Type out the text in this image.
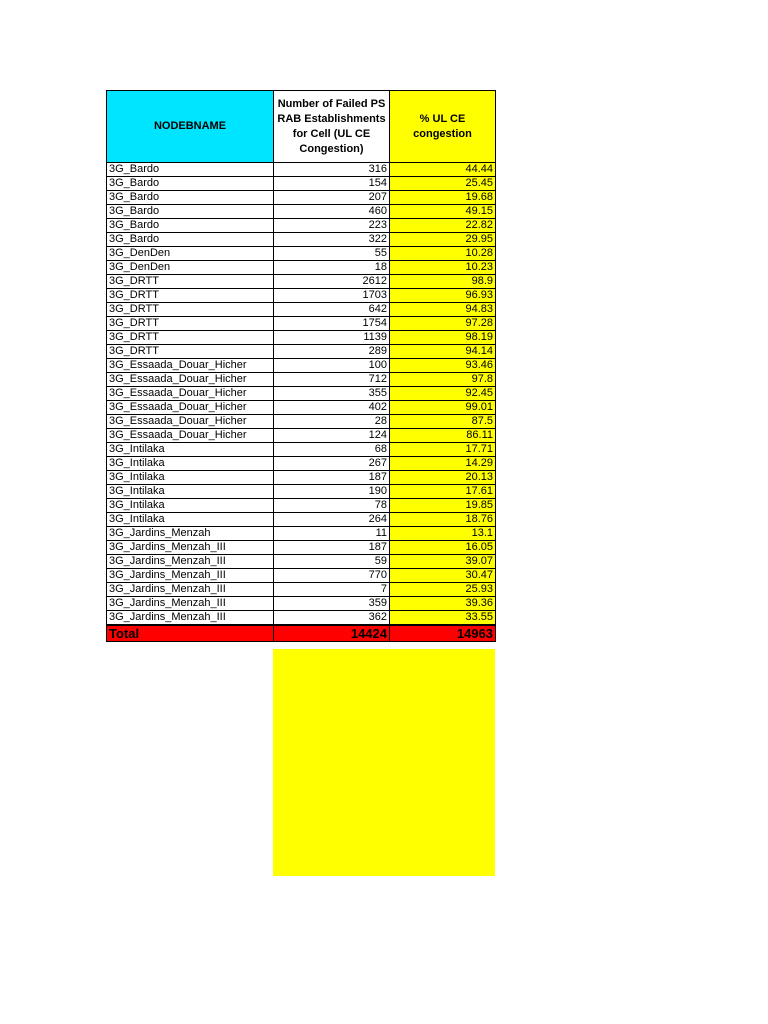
NODEBNAME	Number of Failed PS RAB Establishments for Cell (UL CE Congestion)	% UL CE congestion
3G_Bardo	316	44.44
3G_Bardo	154	25.45
3G_Bardo	207	19.68
3G_Bardo	460	49.15
3G_Bardo	223	22.82
3G_Bardo	322	29.95
3G_DenDen	55	10.28
3G_DenDen	18	10.23
3G_DRTT	2612	98.9
3G_DRTT	1703	96.93
3G_DRTT	642	94.83
3G_DRTT	1754	97.28
3G_DRTT	1139	98.19
3G_DRTT	289	94.14
3G_Essaada_Douar_Hicher	100	93.46
3G_Essaada_Douar_Hicher	712	97.8
3G_Essaada_Douar_Hicher	355	92.45
3G_Essaada_Douar_Hicher	402	99.01
3G_Essaada_Douar_Hicher	28	87.5
3G_Essaada_Douar_Hicher	124	86.11
3G_Intilaka	68	17.71
3G_Intilaka	267	14.29
3G_Intilaka	187	20.13
3G_Intilaka	190	17.61
3G_Intilaka	78	19.85
3G_Intilaka	264	18.76
3G_Jardins_Menzah	11	13.1
3G_Jardins_Menzah_III	187	16.05
3G_Jardins_Menzah_III	59	39.07
3G_Jardins_Menzah_III	770	30.47
3G_Jardins_Menzah_III	7	25.93
3G_Jardins_Menzah_III	359	39.36
3G_Jardins_Menzah_III	362	33.55
Total	14424	14963
